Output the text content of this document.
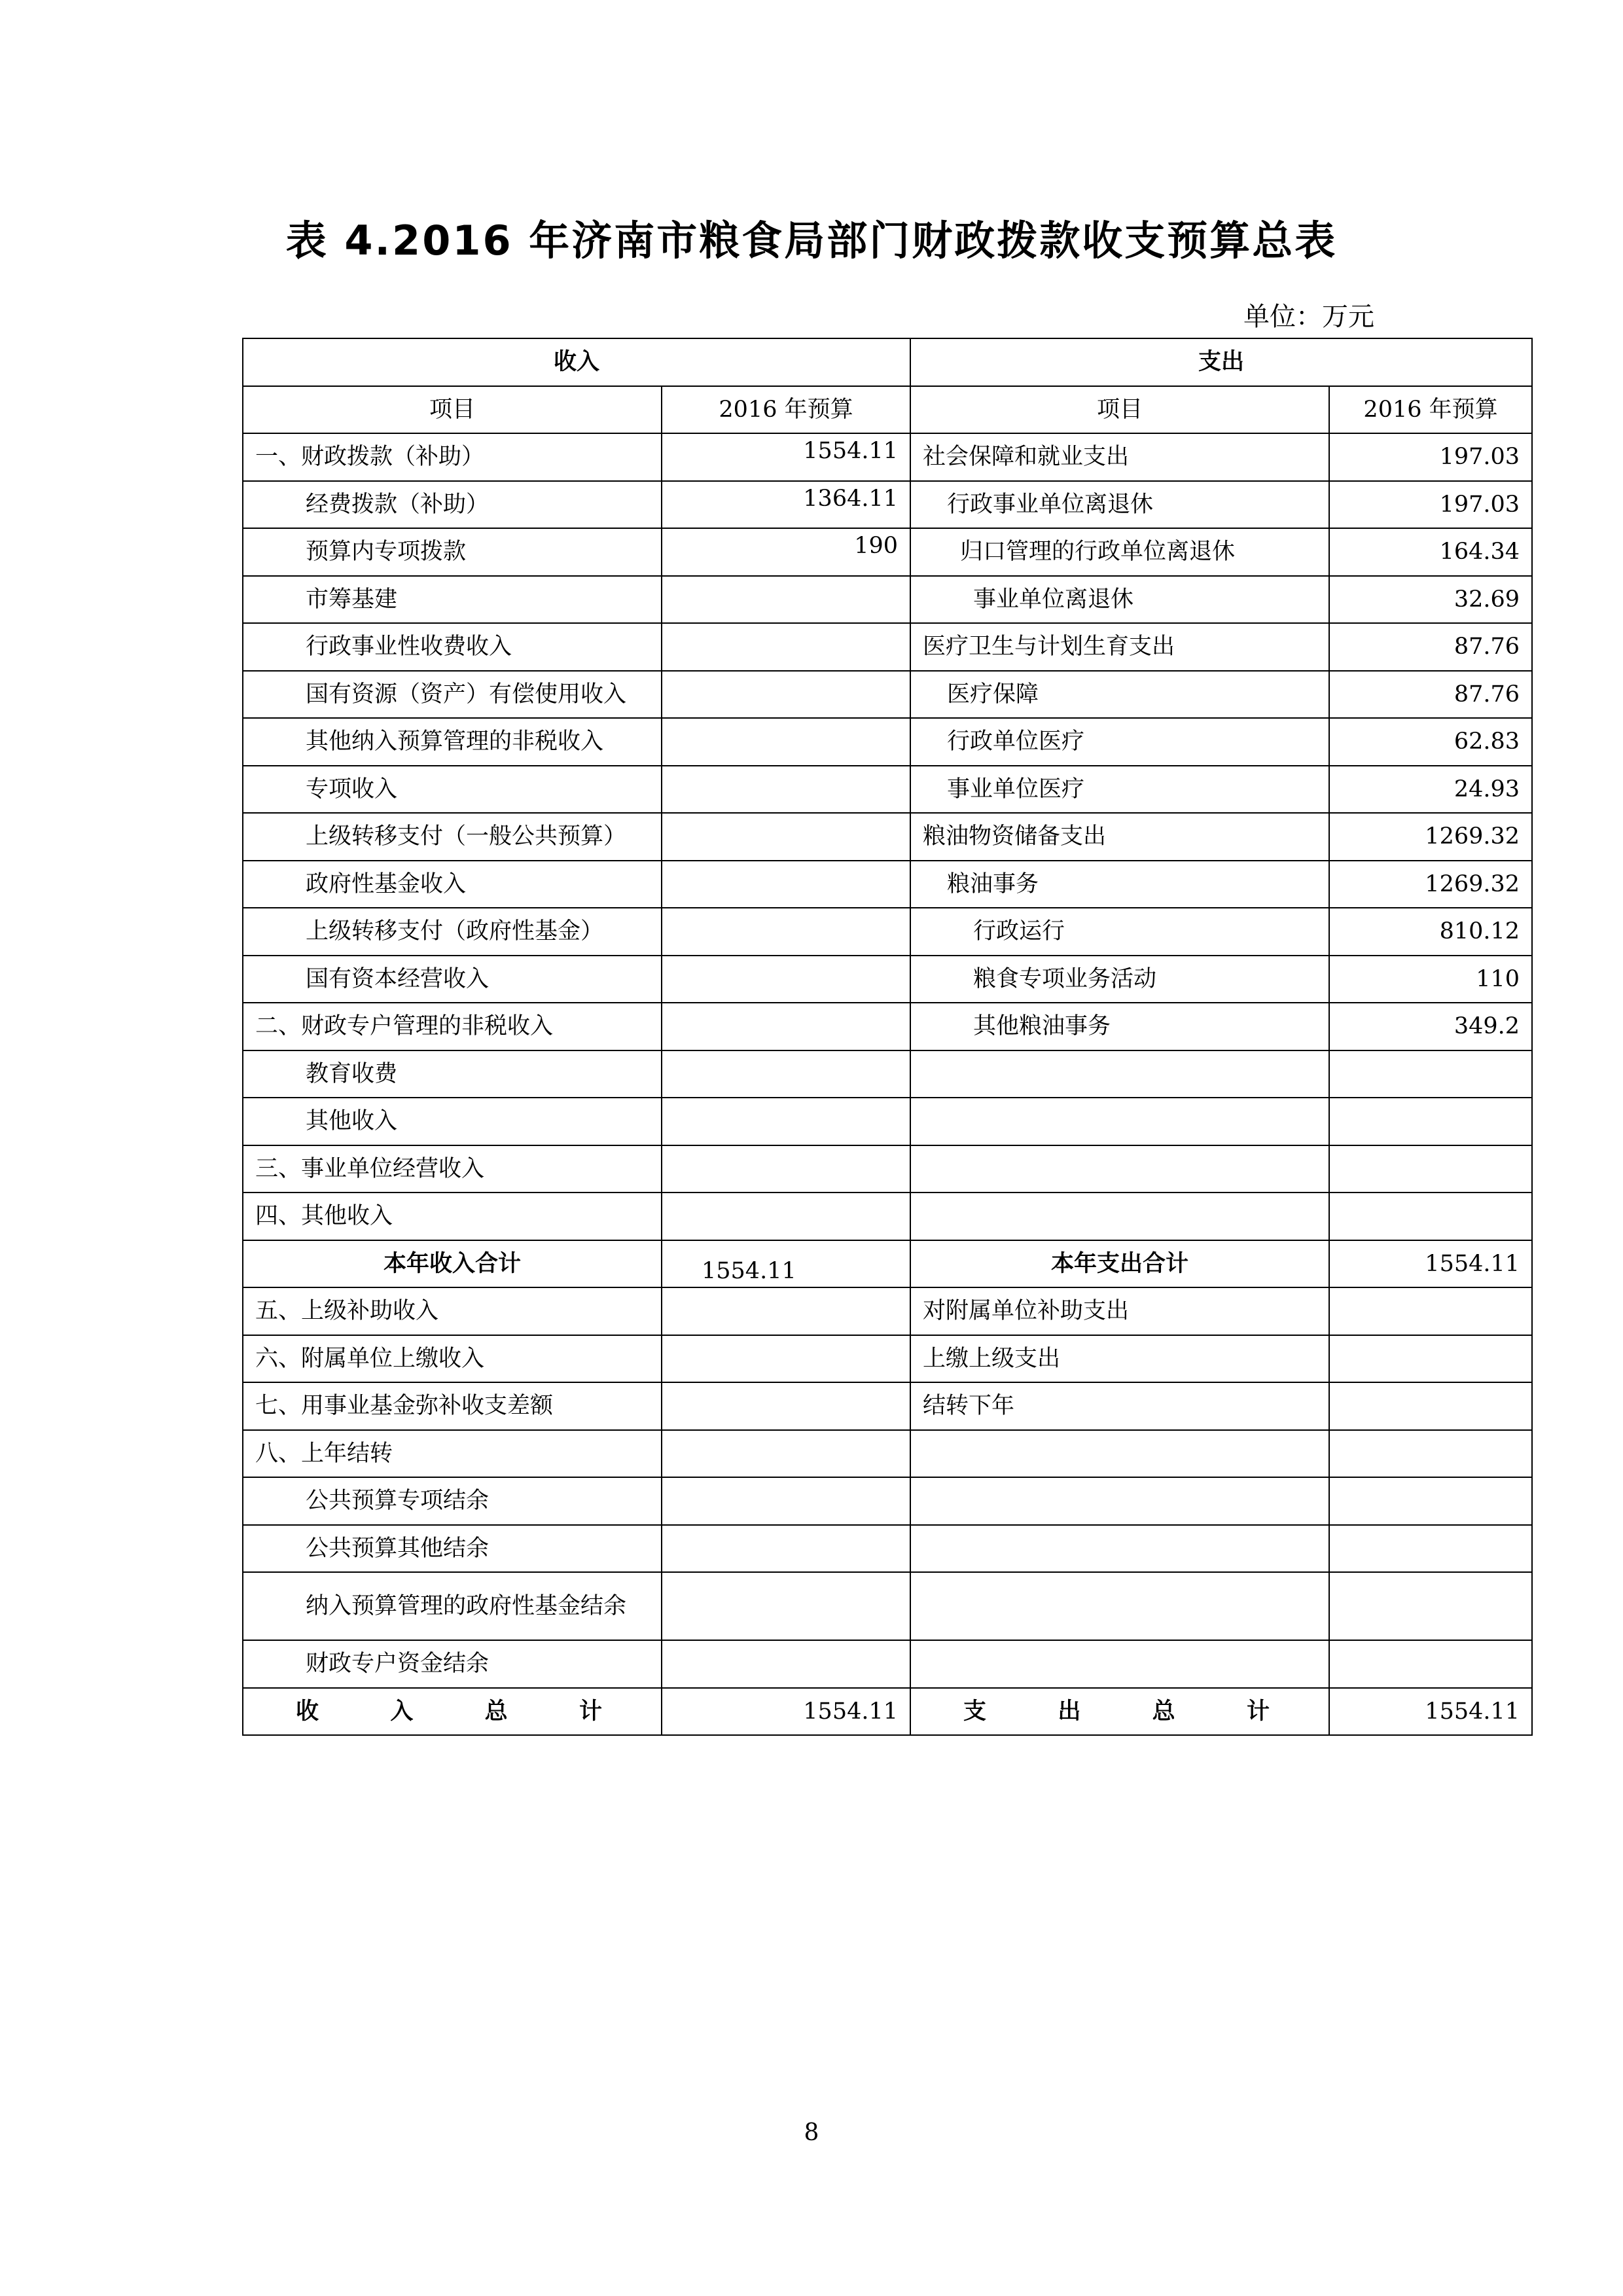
表 4.2016 年济南市粮食局部门财政拨款收支预算总表
单位：万元
收入		支出	
项目	2016 年预算	项目	2016 年预算
一、财政拨款（补助）	1554.11	社会保障和就业支出	197.03
经费拨款（补助）	1364.11	行政事业单位离退休	197.03
预算内专项拨款	190	归口管理的行政单位离退休	164.34
市筹基建		事业单位离退休	32.69
行政事业性收费收入		医疗卫生与计划生育支出	87.76
国有资源（资产）有偿使用收入		医疗保障	87.76
其他纳入预算管理的非税收入		行政单位医疗	62.83
专项收入		事业单位医疗	24.93
上级转移支付（一般公共预算）		粮油物资储备支出	1269.32
政府性基金收入		粮油事务	1269.32
上级转移支付（政府性基金）		行政运行	810.12
国有资本经营收入		粮食专项业务活动	110
二、财政专户管理的非税收入		其他粮油事务	349.2
教育收费			
其他收入			
三、事业单位经营收入			
四、其他收入			
本年收入合计	1554.11	本年支出合计	1554.11
五、上级补助收入		对附属单位补助支出	
六、附属单位上缴收入		上缴上级支出	
七、用事业基金弥补收支差额		结转下年	
八、上年结转			
公共预算专项结余			
公共预算其他结余			
纳入预算管理的政府性基金结余			
财政专户资金结余			
收入总计	1554.11	支出总计	1554.11
8
